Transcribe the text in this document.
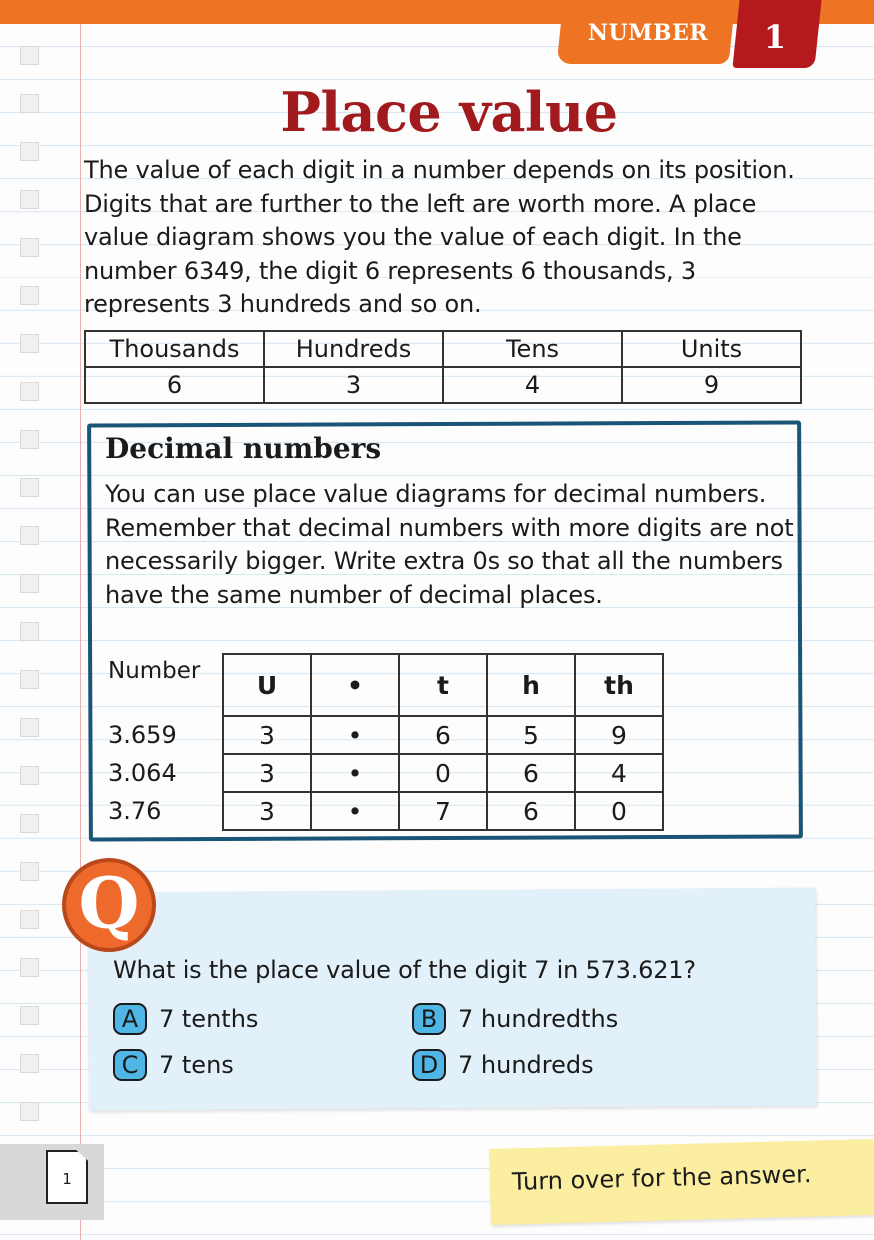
NUMBER	1
Place value
The value of each digit in a number depends on its position. Digits that are further to the left are worth more. A place value diagram shows you the value of each digit. In the number 6349, the digit 6 represents 6 thousands, 3 represents 3 hundreds and so on.
Thousands	Hundreds	Tens	Units
6	3	4	9
Decimal numbers
You can use place value diagrams for decimal numbers. Remember that decimal numbers with more digits are not necessarily bigger. Write extra 0s so that all the numbers have the same number of decimal places.
Number	U	•	t	h	th
3.659	3	•	6	5	9
3.064	3	•	0	6	4
3.76	3	•	7	6	0
Q
What is the place value of the digit 7 in 573.621?
A 7 tenths	B 7 hundredths
C 7 tens	D 7 hundreds
1	Turn over for the answer.
